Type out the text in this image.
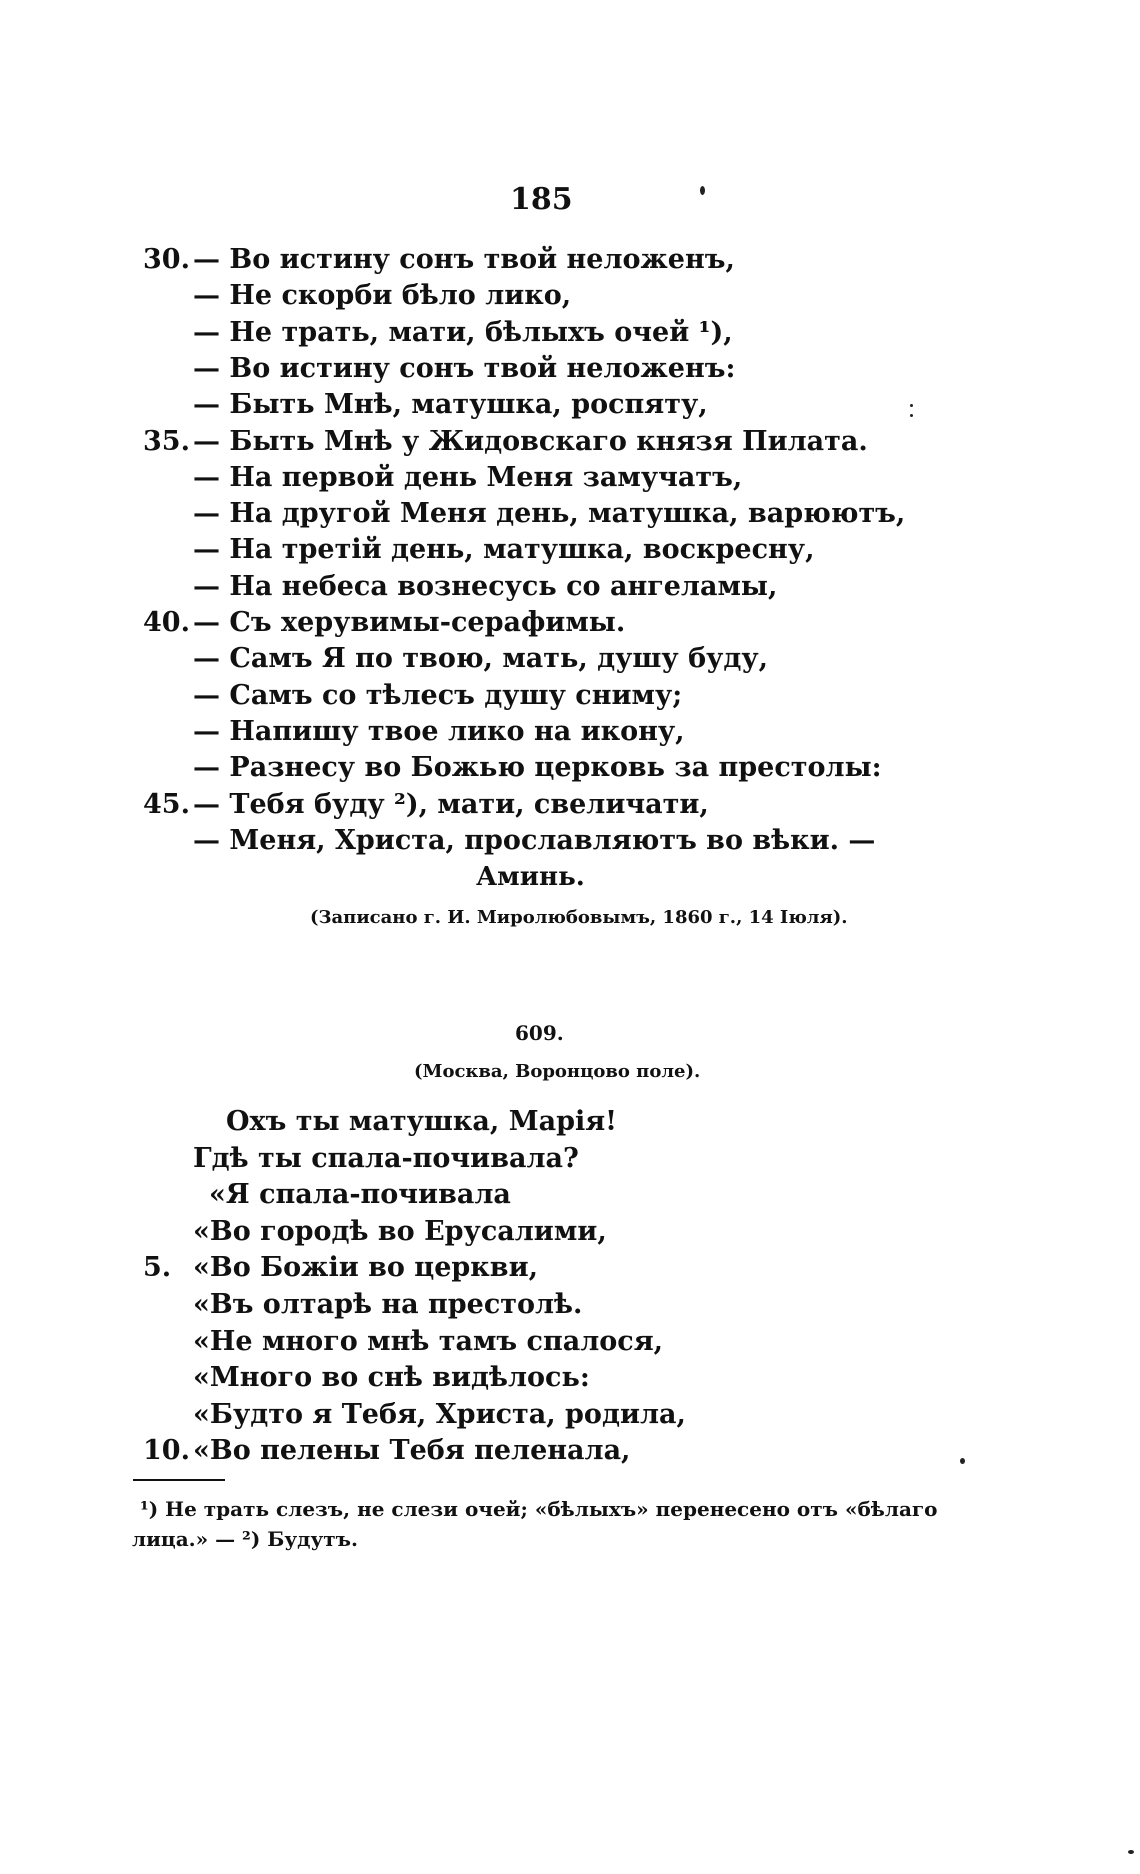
185
30. — Во истину сонъ твой неложенъ,
— Не скорби бѣло лико,
— Не трать, мати, бѣлыхъ очей ¹),
— Во истину сонъ твой неложенъ:
— Быть Мнѣ, матушка, роспяту,
35. — Быть Мнѣ у Жидовскаго князя Пилата.
— На первой день Меня замучатъ,
— На другой Меня день, матушка, варюютъ,
— На третій день, матушка, воскресну,
— На небеса вознесусь со ангеламы,
40. — Съ херувимы-серафимы.
— Самъ Я по твою, мать, душу буду,
— Самъ со тѣлесъ душу сниму;
— Напишу твое лико на икону,
— Разнесу во Божью церковь за престолы:
45. — Тебя буду ²), мати, свеличати,
— Меня, Христа, прославляютъ во вѣки. —
Аминь.
(Записано г. И. Миролюбовымъ, 1860 г., 14 Іюля).
609.
(Москва, Воронцово поле).
Охъ ты матушка, Марія!
Гдѣ ты спала-почивала?
«Я спала-почивала
«Во городѣ во Ерусалими,
5. «Во Божіи во церкви,
«Въ олтарѣ на престолѣ.
«Не много мнѣ тамъ спалося,
«Много во снѣ видѣлось:
«Будто я Тебя, Христа, родила,
10. «Во пелены Тебя пеленала,
¹) Не трать слезъ, не слези очей; «бѣлыхъ» перенесено отъ «бѣлаго
лица.» — ²) Будутъ.
